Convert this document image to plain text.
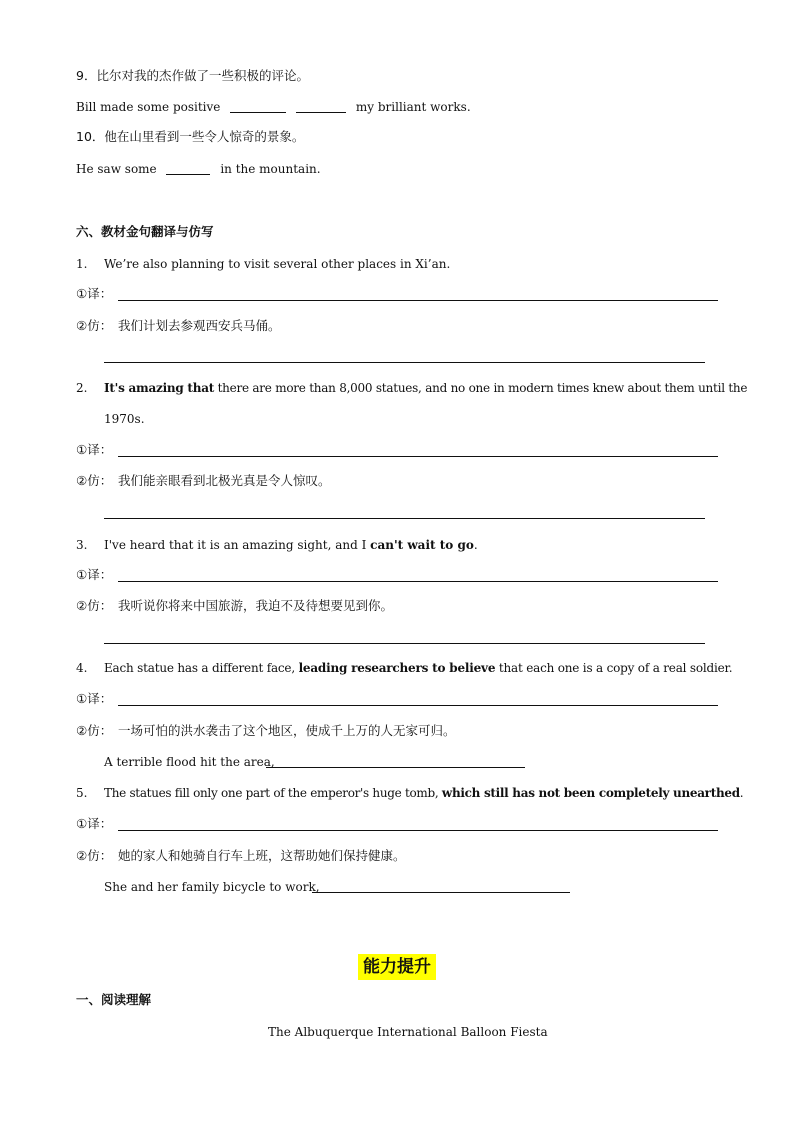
9．比尔对我的杰作做了一些积极的评论。
Bill made some positive	my brilliant works.
10．他在山里看到一些令人惊奇的景象。
He saw some	in the mountain.
六、教材金句翻译与仿写
1. We’re also planning to visit several other places in Xi’an.
①译：
②仿： 我们计划去参观西安兵马俑。
2. It's amazing that there are more than 8,000 statues, and no one in modern times knew about them until the
1970s.
①译：
②仿： 我们能亲眼看到北极光真是令人惊叹。
3. I've heard that it is an amazing sight, and I can't wait to go.
①译：
②仿： 我听说你将来中国旅游，我迫不及待想要见到你。
4. Each statue has a different face, leading researchers to believe that each one is a copy of a real soldier.
①译：
②仿： 一场可怕的洪水袭击了这个地区，使成千上万的人无家可归。
A terrible flood hit the area,
5. The statues fill only one part of the emperor's huge tomb, which still has not been completely unearthed.
①译：
②仿： 她的家人和她骑自行车上班，这帮助她们保持健康。
She and her family bicycle to work,
能力提升
一、阅读理解
The Albuquerque International Balloon Fiesta
